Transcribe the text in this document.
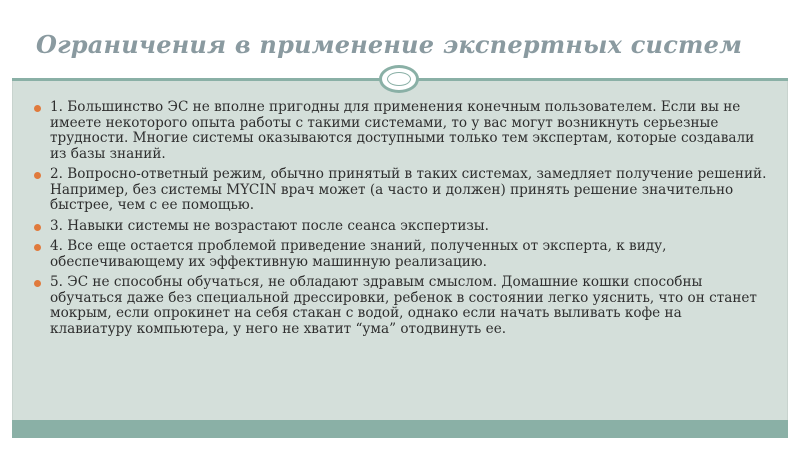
Ограничения в применение экспертных систем
1. Большинство ЭС не вполне пригодны для применения конечным пользователем. Если вы не имеете некоторого опыта работы с такими системами, то у вас могут возникнуть серьезные трудности. Многие системы оказываются доступными только тем экспертам, которые создавали из базы знаний.
2. Вопросно-ответный режим, обычно принятый в таких системах, замедляет получение решений. Например, без системы MYCIN врач может (а часто и должен) принять решение значительно быстрее, чем с ее помощью.
3. Навыки системы не возрастают после сеанса экспертизы.
4. Все еще остается проблемой приведение знаний, полученных от эксперта, к виду, обеспечивающему их эффективную машинную реализацию.
5. ЭС не способны обучаться, не обладают здравым смыслом. Домашние кошки способны обучаться даже без специальной дрессировки, ребенок в состоянии легко уяснить, что он станет мокрым, если опрокинет на себя стакан с водой, однако если начать выливать кофе на клавиатуру компьютера, у него не хватит “ума” отодвинуть ее.
